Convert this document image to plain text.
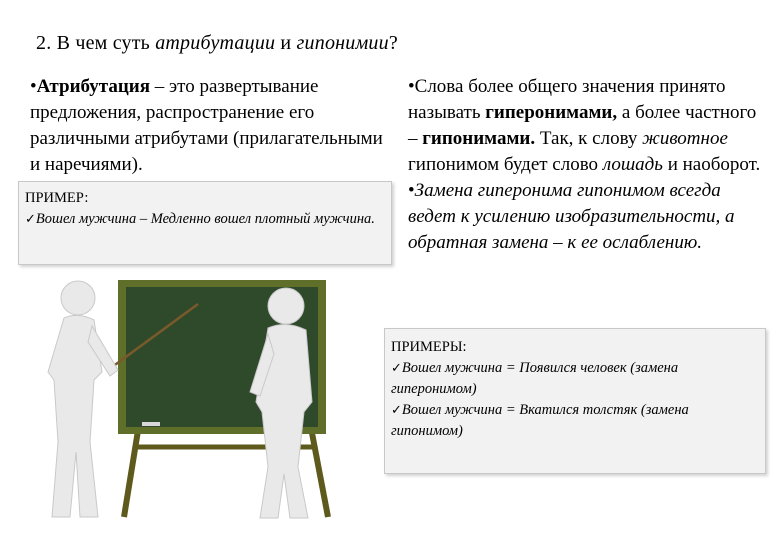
2. В чем суть атрибутации и гипонимии?
•Атрибутация – это развертывание предложения, распространение его различными атрибутами (прилагательными и наречиями).
ПРИМЕР:
✓Вошел мужчина – Медленно вошел плотный мужчина.
•Слова более общего значения принято называть гиперонимами, а более частного – гипонимами. Так, к слову животное гипонимом будет слово лошадь и наоборот.
•Замена гиперонима гипонимом всегда ведет к усилению изобразительности, а обратная замена – к ее ослаблению.
ПРИМЕРЫ:
✓Вошел мужчина = Появился человек (замена гиперонимом)
✓Вошел мужчина = Вкатился толстяк (замена гипонимом)
